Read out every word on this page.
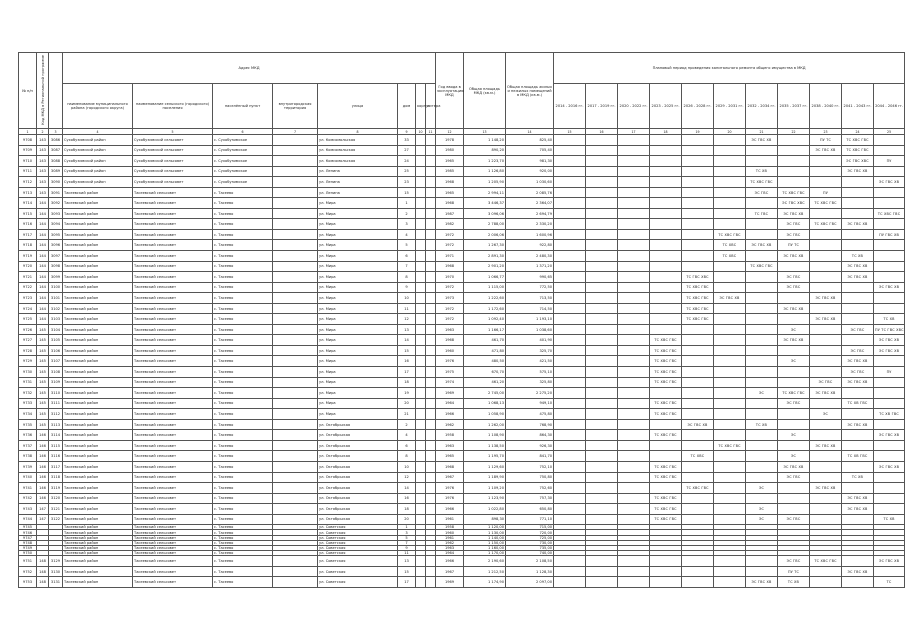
№ п/п	Код МКД в Региональной программе		Адрес МКД								Год ввода в эксплуатацию МКД	Общая площадь МКД (кв.м.)	Общая площадь жилых и нежилых помещений в МКД (кв.м.)	Плановый период проведения капитального ремонта общего имущества в МКД										
			наименование муниципального района (городского округа)	наименование сельского (городского) поселения	населённый пункт	внутригородская территория	улица	дом	корпус	литера				2014 - 2016 гг.	2017 - 2019 гг.	2020 - 2022 гг.	2023 - 2025 гг.	2026 - 2028 гг.	2029 - 2031 гг.	2032 - 2034 гг.	2035 - 2037 гг.	2038 - 2040 гг.	2041 - 2043 гг.	2044 - 2046 гг.
1	2	3	4	5	6	7	8	9	10	11	12	13	14	15	16	17	18	19	20	21	22	23	24	25
9708	143	3086	Сухобузимский район	Сухобузимский сельсовет	с. Сухобузимское		ул. Комсомольская	33			1978	1 148,20	825,40							ЭС ГВС ХВ		ПУ ТС	ТС ХВС ГВС	
9709	143	3087	Сухобузимский район	Сухобузимский сельсовет	с. Сухобузимское		ул. Комсомольская	27			1980	890,20	705,40									ЭС ГВС ХВ	ТС ХВС ГВС	
9710	143	3088	Сухобузимский район	Сухобузимский сельсовет	с. Сухобузимское		ул. Комсомольская	24			1965	1 223,70	981,30										ЭС ГВС ХВС	ПУ
9711	143	3089	Сухобузимский район	Сухобузимский сельсовет	с. Сухобузимское		ул. Ленина	25			1985	1 126,80	920,00							ТС ХВ			ЭС ГВС ХВ	
9712	143	3090	Сухобузимский район	Сухобузимский сельсовет	с. Сухобузимское		ул. Ленина	23			1968	1 205,90	1 030,60							ТС ХВС ГВС				ЭС ГВС ХВ
9713	143	3091	Тасеевский район	Тасеевский сельсовет	с. Тасеево		ул. Ленина	15			1965	2 994,11	2 085,76							ЭС ГВС	ТС ХВС ГВС	ПУ		
9714	144	3092	Тасеевский район	Тасеевский сельсовет	с. Тасеево		ул. Мира	1			1968	3 446,37	2 364,07								ЭС ГВС ХВС	ТС ХВС ГВС		
9715	144	3093	Тасеевский район	Тасеевский сельсовет	с. Тасеево		ул. Мира	2			1987	3 096,06	2 694,79							ТС ГВС	ЭС ГВС ХВ			ТС ХВС ГВС
9716	144	3094	Тасеевский район	Тасеевский сельсовет	с. Тасеево		ул. Мира	3			1982	2 788,00	2 330,20								ЭС ГВС	ТС ХВС ГВС	ЭС ГВС ХВ	
9717	144	3095	Тасеевский район	Тасеевский сельсовет	с. Тасеево		ул. Мира	4			1972	2 006,06	1 600,96						ТС ХВС ГВС		ЭС ГВС			ПУ ГВС ХВ
9718	144	3096	Тасеевский район	Тасеевский сельсовет	с. Тасеево		ул. Мира	5			1972	1 267,30	922,80						ТС ХВС	ЭС ГВС ХВ	ПУ ТС			
9719	144	3097	Тасеевский район	Тасеевский сельсовет	с. Тасеево		ул. Мира	6			1971	2 891,30	2 480,30						ТС ХВС		ЭС ГВС ХВ		ТС ХВ	
9720	144	3098	Тасеевский район	Тасеевский сельсовет	с. Тасеево		ул. Мира	7			1968	2 901,20	1 371,20							ТС ХВС ГВС			ЭС ГВС ХВ	
9721	144	3099	Тасеевский район	Тасеевский сельсовет	с. Тасеево		ул. Мира	8			1970	1 066,77	990,65					ТС ГВС ХВС			ЭС ГВС		ЭС ГВС ХВ	
9722	144	3100	Тасеевский район	Тасеевский сельсовет	с. Тасеево		ул. Мира	9			1972	1 115,00	772,50					ТС ХВС ГВС			ЭС ГВС			ЭС ГВС ХВ
9723	144	3101	Тасеевский район	Тасеевский сельсовет	с. Тасеево		ул. Мира	10			1973	1 222,60	713,50					ТС ХВС ГВС	ЭС ГВС ХВ			ЭС ГВС ХВ		
9724	144	3102	Тасеевский район	Тасеевский сельсовет	с. Тасеево		ул. Мира	11			1972	1 172,60	714,50					ТС ХВС ГВС			ЭС ГВС ХВ			
9725	144	3103	Тасеевский район	Тасеевский сельсовет	с. Тасеево		ул. Мира	12			1972	1 092,40	1 193,10					ТС ХВС ГВС				ЭС ГВС ХВ		ТС ХВ
9726	145	3104	Тасеевский район	Тасеевский сельсовет	с. Тасеево		ул. Мира	13			1963	1 166,17	1 038,60								ЭС		ЭС ГВС	ПУ ТС ГВС ХВС
9727	145	3105	Тасеевский район	Тасеевский сельсовет	с. Тасеево		ул. Мира	14			1968	461,70	401,90				ТС ХВС ГВС				ЭС ГВС ХВ			ЭС ГВС ХВ
9728	145	3106	Тасеевский район	Тасеевский сельсовет	с. Тасеево		ул. Мира	15			1960	471,80	325,70				ТС ХВС ГВС						ЭС ГВС	ЭС ГВС ХВ
9729	145	3107	Тасеевский район	Тасеевский сельсовет	с. Тасеево		ул. Мира	16			1976	480,50	421,50				ТС ХВС ГВС				ЭС		ЭС ГВС ХВ	
9730	145	3108	Тасеевский район	Тасеевский сельсовет	с. Тасеево		ул. Мира	17			1975	670,70	575,10				ТС ХВС ГВС						ЭС ГВС	ПУ
9731	145	3109	Тасеевский район	Тасеевский сельсовет	с. Тасеево		ул. Мира	18			1974	461,20	325,80				ТС ХВС ГВС					ЭС ГВС	ЭС ГВС ХВ	
9732	145	3110	Тасеевский район	Тасеевский сельсовет	с. Тасеево		ул. Мира	19			1969	2 745,00	2 275,20							ЭС	ТС ХВС ГВС	ЭС ГВС ХВ		
9733	145	3111	Тасеевский район	Тасеевский сельсовет	с. Тасеево		ул. Мира	20			1964	1 068,13	949,10				ТС ХВС ГВС				ЭС ГВС		ТС ХВ ГВС	
9734	145	3112	Тасеевский район	Тасеевский сельсовет	с. Тасеево		ул. Мира	21			1966	1 058,90	475,80				ТС ХВС ГВС					ЭС		ТС ХВ ГВС
9735	145	3113	Тасеевский район	Тасеевский сельсовет	с. Тасеево		ул. Октябрьская	2			1962	1 262,00	768,90					ЭС ГВС ХВ		ТС ХВ			ЭС ГВС ХВ	
9736	146	3114	Тасеевский район	Тасеевский сельсовет	с. Тасеево		ул. Октябрьская	4			1958	1 108,90	864,30				ТС ХВС ГВС				ЭС			ЭС ГВС ХВ
9737	146	3115	Тасеевский район	Тасеевский сельсовет	с. Тасеево		ул. Октябрьская	6			1963	1 138,50	926,30						ТС ХВС ГВС			ЭС ГВС ХВ		
9738	146	3116	Тасеевский район	Тасеевский сельсовет	с. Тасеево		ул. Октябрьская	8			1965	1 195,70	841,70					ТС ХВС			ЭС		ТС ХВ ГВС	
9739	146	3117	Тасеевский район	Тасеевский сельсовет	с. Тасеево		ул. Октябрьская	10			1968	1 129,60	752,10				ТС ХВС ГВС				ЭС ГВС ХВ			ЭС ГВС ХВ
9740	146	3118	Тасеевский район	Тасеевский сельсовет	с. Тасеево		ул. Октябрьская	12			1967	1 189,90	750,80				ТС ХВС ГВС				ЭС ГВС		ТС ХВ	
9741	146	3119	Тасеевский район	Тасеевский сельсовет	с. Тасеево		ул. Октябрьская	14			1976	1 109,20	752,60					ТС ХВС ГВС		ЭС		ЭС ГВС ХВ		
9742	146	3120	Тасеевский район	Тасеевский сельсовет	с. Тасеево		ул. Октябрьская	16			1976	1 123,90	757,30				ТС ХВС ГВС						ЭС ГВС ХВ	
9743	147	3121	Тасеевский район	Тасеевский сельсовет	с. Тасеево		ул. Октябрьская	18			1966	1 022,80	650,80				ТС ХВС ГВС			ЭС			ЭС ГВС ХВ	
9744	147	3122	Тасеевский район	Тасеевский сельсовет	с. Тасеево		ул. Октябрьская	20			1961	898,30	771,10				ТС ХВС ГВС			ЭС	ЭС ГВС			ТС ХВ
9745			Тасеевский район	Тасеевский сельсовет	с. Тасеево		ул. Советская	1			1958	1 120,00	715,00											
9746			Тасеевский район	Тасеевский сельсовет	с. Тасеево		ул. Советская	3			1960	1 130,00	720,00											
9747			Тасеевский район	Тасеевский сельсовет	с. Тасеево		ул. Советская	5			1961	1 140,00	725,00											
9748			Тасеевский район	Тасеевский сельсовет	с. Тасеево		ул. Советская	7			1962	1 150,00	730,00											
9749			Тасеевский район	Тасеевский сельсовет	с. Тасеево		ул. Советская	9			1963	1 160,00	735,00											
9750			Тасеевский район	Тасеевский сельсовет	с. Тасеево		ул. Советская	11			1964	1 170,00	740,00											
9751	148	3129	Тасеевский район	Тасеевский сельсовет	с. Тасеево		ул. Советская	13			1966	2 190,60	2 108,50								ЭС ГВС	ТС ХВС ГВС		ЭС ГВС ХВ
9752	148	3130	Тасеевский район	Тасеевский сельсовет	с. Тасеево		ул. Советская	15			1967	1 212,50	1 128,30								ПУ ТС		ЭС ГВС ХВ	
9753	148	3131	Тасеевский район	Тасеевский сельсовет	с. Тасеево		ул. Советская	17			1969	1 174,90	2 097,00							ЭС ГВС ХВ	ТС ХВ			ТС
